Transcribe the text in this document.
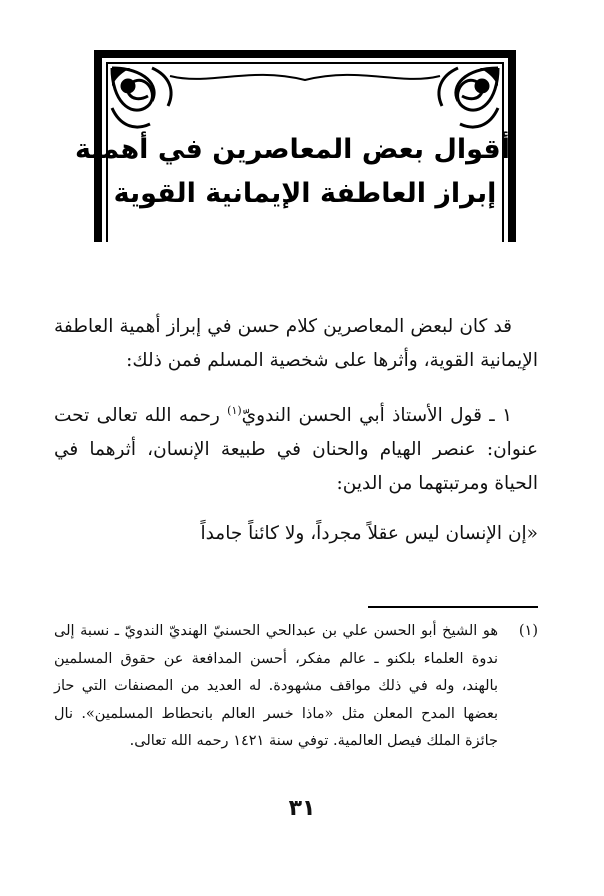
أقوال بعض المعاصرين في أهمية
إبراز العاطفة الإيمانية القوية

قد كان لبعض المعاصرين كلام حسن في إبراز أهمية العاطفة الإيمانية القوية، وأثرها على شخصية المسلم فمن ذلك:

١ ـ قول الأستاذ أبي الحسن الندويّ$^{(١)}$ رحمه الله تعالى تحت عنوان: عنصر الهيام والحنان في طبيعة الإنسان، أثرهما في الحياة ومرتبتهما من الدين:

«إن الإنسان ليس عقلاً مجرداً، ولا كائناً جامداً

(١)
هو الشيخ أبو الحسن علي بن عبدالحي الحسنيّ الهنديّ الندويّ ـ نسبة إلى ندوة العلماء بلكنو ـ عالم مفكر، أحسن المدافعة عن حقوق المسلمين بالهند، وله في ذلك مواقف مشهودة. له العديد من المصنفات التي حاز بعضها المدح المعلن مثل «ماذا خسر العالم بانحطاط المسلمين». نال جائزة الملك فيصل العالمية. توفي سنة ١٤٢١ رحمه الله تعالى.
٣١
